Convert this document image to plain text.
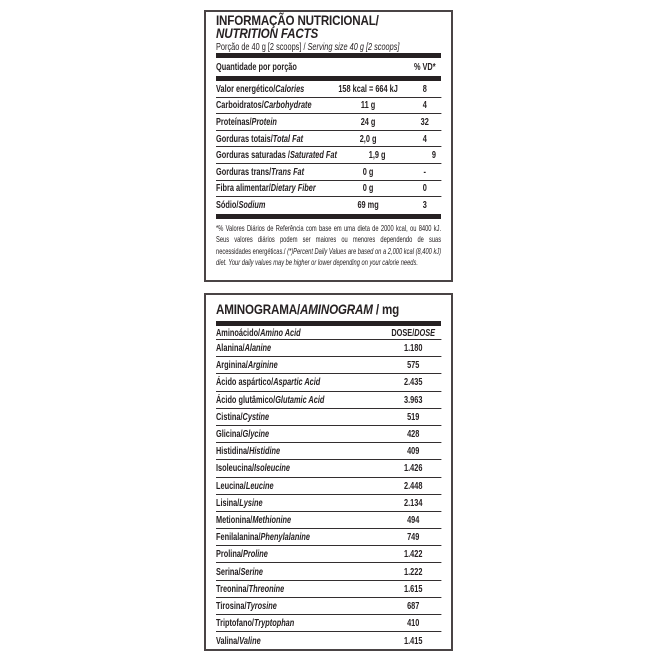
INFORMAÇÃO NUTRICIONAL/
NUTRITION FACTS

Porção de 40 g [2 scoops] / Serving size 40 g [2 scoops]

Quantidade por porção	% VD*
Valor energético/Calories	158 kcal = 664 kJ	8
Carboidratos/Carbohydrate	11 g	4
Proteínas/Protein	24 g	32
Gorduras totais/Total Fat	2,0 g	4
Gorduras saturadas /Saturated Fat	1,9 g	9
Gorduras trans/Trans Fat	0 g	-
Fibra alimentar/Dietary Fiber	0 g	0
Sódio/Sodium	69 mg	3

*% Valores Diários de Referência com base em uma dieta de 2000 kcal, ou 8400 kJ. Seus valores diários podem ser maiores ou menores dependendo de suas necessidades energéticas./ (*)Percent Daily Values are based on a 2,000 kcal (8,400 kJ) diet. Your daily values may be higher or lower depending on your calorie needs.

AMINOGRAMA/AMINOGRAM / mg
Aminoácido/Amino Acid	DOSE/DOSE
Alanina/Alanine	1.180
Arginina/Arginine	575
Ácido aspártico/Aspartic Acid	2.435
Ácido glutâmico/Glutamic Acid	3.963
Cistina/Cystine	519
Glicina/Glycine	428
Histidina/Histidine	409
Isoleucina/Isoleucine	1.426
Leucina/Leucine	2.448
Lisina/Lysine	2.134
Metionina/Methionine	494
Fenilalanina/Phenylalanine	749
Prolina/Proline	1.422
Serina/Serine	1.222
Treonina/Threonine	1.615
Tirosina/Tyrosine	687
Triptofano/Tryptophan	410
Valina/Valine	1.415
